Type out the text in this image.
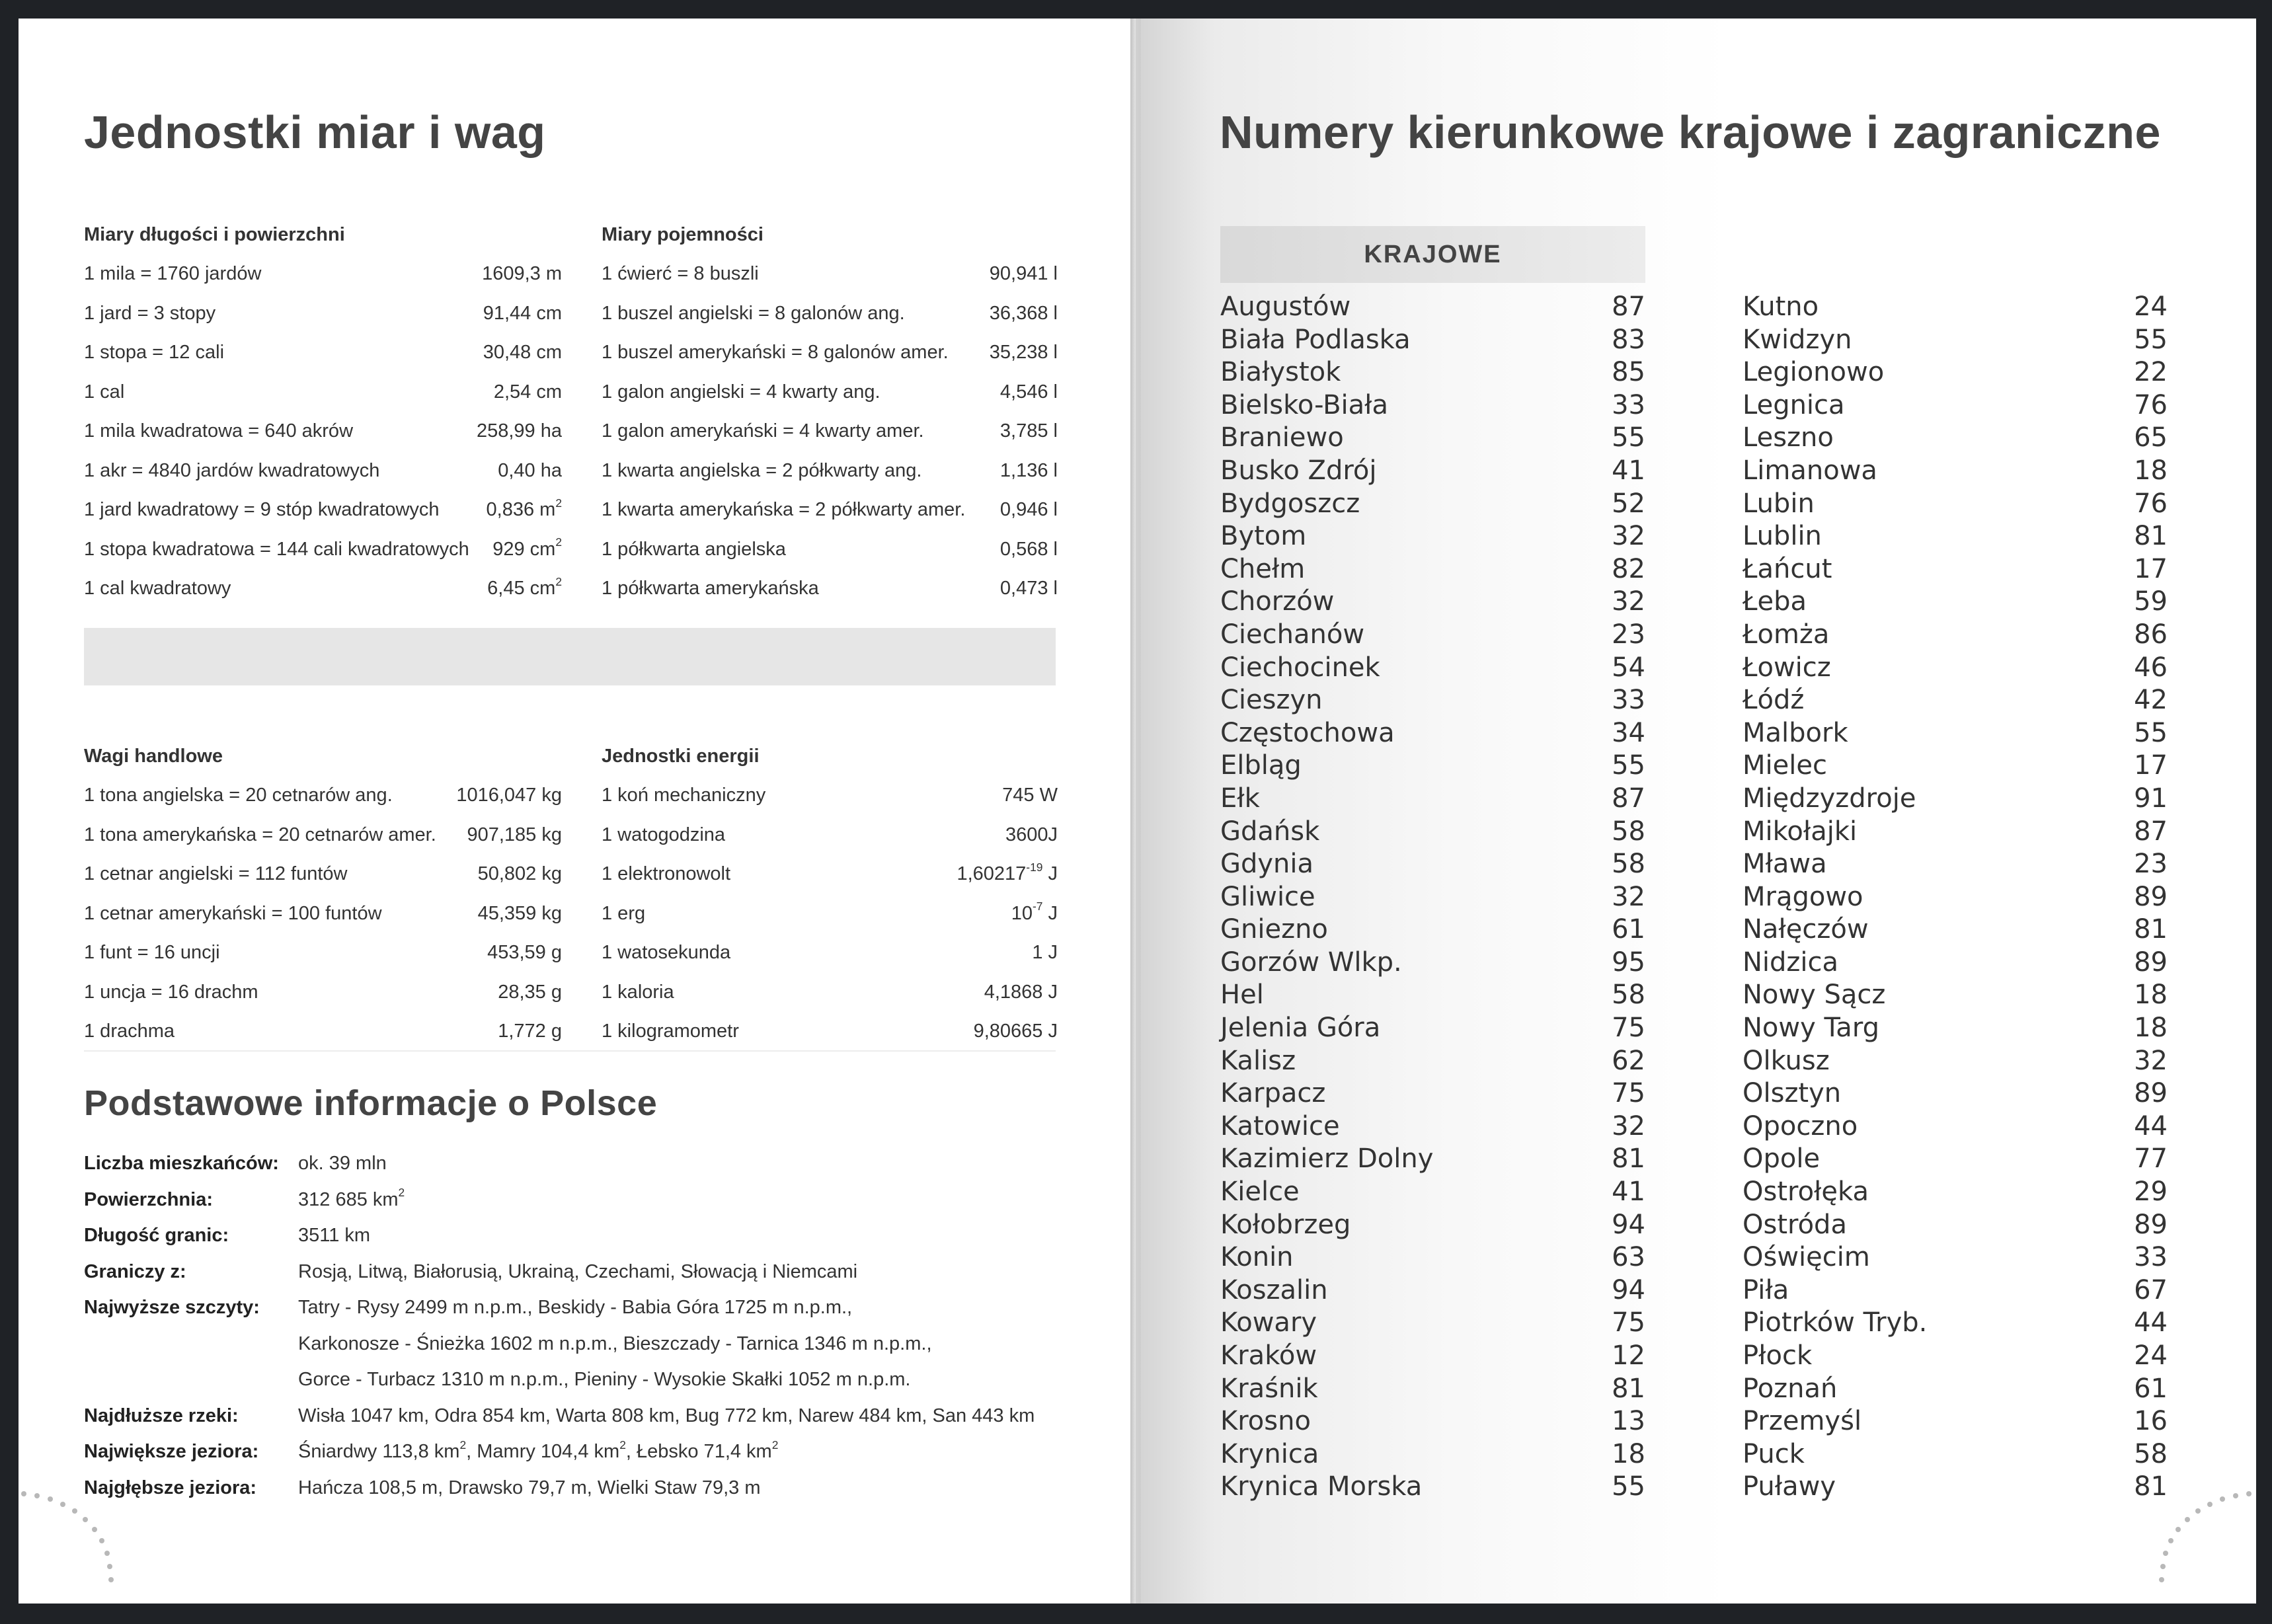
Jednostki miar i wag
Miary długości i powierzchni
1 mila = 1760 jardów	1609,3 m
1 jard = 3 stopy	91,44 cm
1 stopa = 12 cali	30,48 cm
1 cal	2,54 cm
1 mila kwadratowa = 640 akrów	258,99 ha
1 akr = 4840 jardów kwadratowych	0,40 ha
1 jard kwadratowy = 9 stóp kwadratowych 0,836 $m^2$
1 stopa kwadratowa = 144 cali kwadratowych 929 $cm^2$
1 cal kwadratowy	6,45 $cm^2$
Miary pojemności
1 ćwierć = 8 buszli	90,941 l
1 buszel angielski = 8 galonów ang.	36,368 l
1 buszel amerykański = 8 galonów amer. 35,238 l
1 galon angielski = 4 kwarty ang.	4,546 l
1 galon amerykański = 4 kwarty amer.	3,785 l
1 kwarta angielska = 2 półkwarty ang.	1,136 l
1 kwarta amerykańska = 2 półkwarty amer. 0,946 l
1 półkwarta angielska	0,568 l
1 półkwarta amerykańska	0,473 l
Wagi handlowe
1 tona angielska = 20 cetnarów ang.	1016,047 kg
1 tona amerykańska = 20 cetnarów amer. 907,185 kg
1 cetnar angielski = 112 funtów	50,802 kg
1 cetnar amerykański = 100 funtów	45,359 kg
1 funt = 16 uncji	453,59 g
1 uncja = 16 drachm	28,35 g
1 drachma	1,772 g
Jednostki energii
1 koń mechaniczny	745 W
1 watogodzina	3600J
1 elektronowolt	$1,60217^{-19}$ J
1 erg	$10^{-7}$ J
1 watosekunda	1 J
1 kaloria	4,1868 J
1 kilogramometr	9,80665 J
Podstawowe informacje o Polsce
Liczba mieszkańców: ok. 39 mln
Powierzchnia:	312 685 $km^2$
Długość granic:	3511 km
Graniczy z:	Rosją, Litwą, Białorusią, Ukrainą, Czechami, Słowacją i Niemcami
Najwyższe szczyty: Tatry - Rysy 2499 m n.p.m., Beskidy - Babia Góra 1725 m n.p.m.,
Karkonosze - Śnieżka 1602 m n.p.m., Bieszczady - Tarnica 1346 m n.p.m.,
Gorce - Turbacz 1310 m n.p.m., Pieniny - Wysokie Skałki 1052 m n.p.m.
Najdłuższe rzeki:	Wisła 1047 km, Odra 854 km, Warta 808 km, Bug 772 km, Narew 484 km, San 443 km
Największe jeziora: Śniardwy 113,8 $km^2$, Mamry 104,4 $km^2$, Łebsko 71,4 $km^2$
Najgłębsze jeziora: Hańcza 108,5 m, Drawsko 79,7 m, Wielki Staw 79,3 m
Numery kierunkowe krajowe i zagraniczne
KRAJOWE
Augustów	87
Biała Podlaska	83
Białystok	85
Bielsko-Biała	33
Braniewo	55
Busko Zdrój	41
Bydgoszcz	52
Bytom	32
Chełm	82
Chorzów	32
Ciechanów	23
Ciechocinek	54
Cieszyn	33
Częstochowa	34
Elbląg	55
Ełk	87
Gdańsk	58
Gdynia	58
Gliwice	32
Gniezno	61
Gorzów Wlkp.	95
Hel	58
Jelenia Góra	75
Kalisz	62
Karpacz	75
Katowice	32
Kazimierz Dolny	81
Kielce	41
Kołobrzeg	94
Konin	63
Koszalin	94
Kowary	75
Kraków	12
Kraśnik	81
Krosno	13
Krynica	18
Krynica Morska	55
Kutno	24
Kwidzyn	55
Legionowo	22
Legnica	76
Leszno	65
Limanowa	18
Lubin	76
Lublin	81
Łańcut	17
Łeba	59
Łomża	86
Łowicz	46
Łódź	42
Malbork	55
Mielec	17
Międzyzdroje	91
Mikołajki	87
Mława	23
Mrągowo	89
Nałęczów	81
Nidzica	89
Nowy Sącz	18
Nowy Targ	18
Olkusz	32
Olsztyn	89
Opoczno	44
Opole	77
Ostrołęka	29
Ostróda	89
Oświęcim	33
Piła	67
Piotrków Tryb.	44
Płock	24
Poznań	61
Przemyśl	16
Puck	58
Puławy	81
